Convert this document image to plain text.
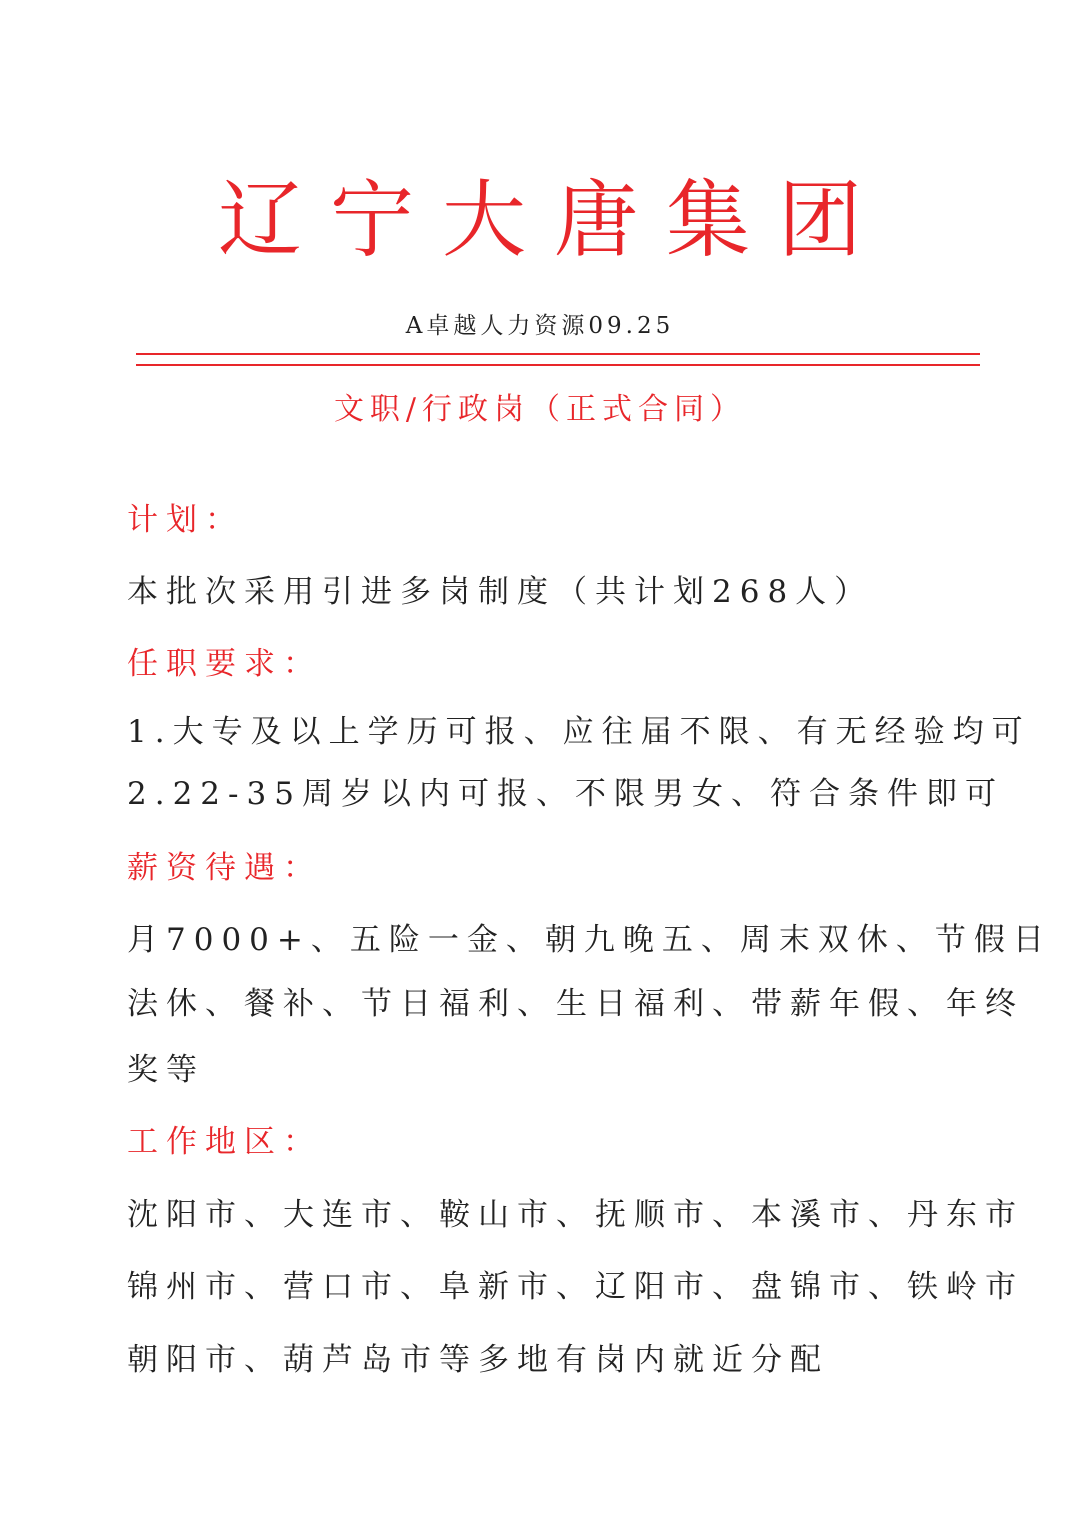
辽宁大唐集团
A卓越人力资源09.25
文职/行政岗（正式合同）
计划：
本批次采用引进多岗制度（共计划268人）
任职要求：
1.大专及以上学历可报、应往届不限、有无经验均可
2.22-35周岁以内可报、不限男女、符合条件即可
薪资待遇：
月7000+、五险一金、朝九晚五、周末双休、节假日
法休、餐补、节日福利、生日福利、带薪年假、年终
奖等
工作地区：
沈阳市、大连市、鞍山市、抚顺市、本溪市、丹东市
锦州市、营口市、阜新市、辽阳市、盘锦市、铁岭市
朝阳市、葫芦岛市等多地有岗内就近分配
